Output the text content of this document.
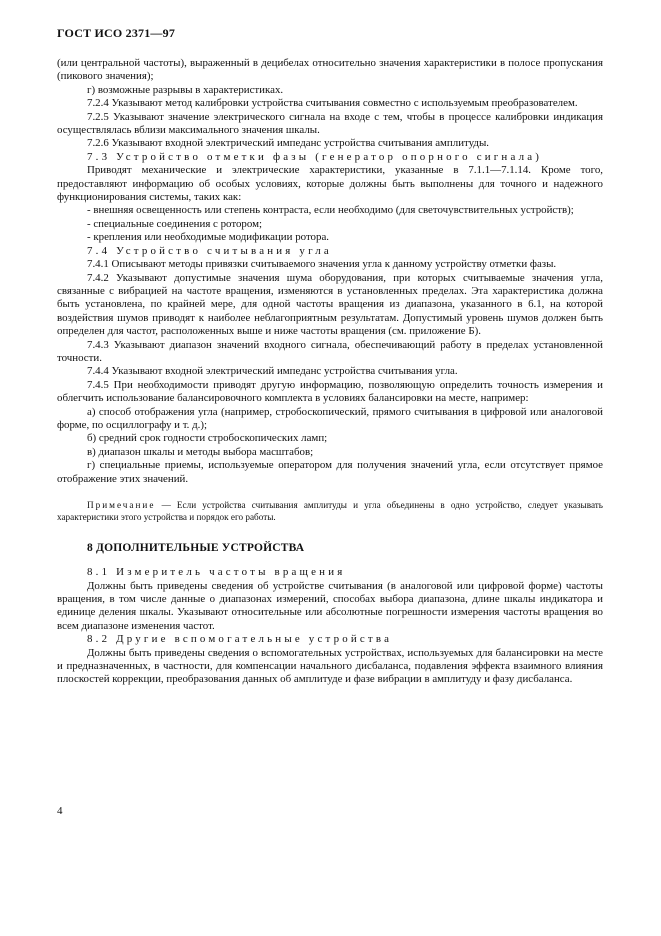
ГОСТ ИСО 2371—97

(или центральной частоты), выраженный в децибелах относительно значения характеристики в полосе пропускания (пикового значения);

г) возможные разрывы в характеристиках.

7.2.4 Указывают метод калибровки устройства считывания совместно с используемым преобразователем.

7.2.5 Указывают значение электрического сигнала на входе с тем, чтобы в процессе калибровки индикация осуществлялась вблизи максимального значения шкалы.

7.2.6 Указывают входной электрический импеданс устройства считывания амплитуды.

7.3 Устройство отметки фазы (генератор опорного сигнала)

Приводят механические и электрические характеристики, указанные в 7.1.1—7.1.14. Кроме того, предоставляют информацию об особых условиях, которые должны быть выполнены для точного и надежного функционирования системы, таких как:

- внешняя освещенность или степень контраста, если необходимо (для светочувствительных устройств);

- специальные соединения с ротором;

- крепления или необходимые модификации ротора.

7.4 Устройство считывания угла

7.4.1 Описывают методы привязки считываемого значения угла к данному устройству отметки фазы.

7.4.2 Указывают допустимые значения шума оборудования, при которых считываемые значения угла, связанные с вибрацией на частоте вращения, изменяются в установленных пределах. Эта характеристика должна быть установлена, по крайней мере, для одной частоты вращения из диапазона, указанного в 6.1, на которой воздействия шумов приводят к наиболее неблагоприятным результатам. Допустимый уровень шумов должен быть определен для частот, расположенных выше и ниже частоты вращения (см. приложение Б).

7.4.3 Указывают диапазон значений входного сигнала, обеспечивающий работу в пределах установленной точности.

7.4.4 Указывают входной электрический импеданс устройства считывания угла.

7.4.5 При необходимости приводят другую информацию, позволяющую определить точность измерения и облегчить использование балансировочного комплекта в условиях балансировки на месте, например:

а) способ отображения угла (например, стробоскопический, прямого считывания в цифровой или аналоговой форме, по осциллографу и т. д.);

б) средний срок годности стробоскопических ламп;

в) диапазон шкалы и методы выбора масштабов;

г) специальные приемы, используемые оператором для получения значений угла, если отсутствует прямое отображение этих значений.

Примечание — Если устройства считывания амплитуды и угла объединены в одно устройство, следует указывать характеристики этого устройства и порядок его работы.
8 ДОПОЛНИТЕЛЬНЫЕ УСТРОЙСТВА

8.1 Измеритель частоты вращения

Должны быть приведены сведения об устройстве считывания (в аналоговой или цифровой форме) частоты вращения, в том числе данные о диапазонах измерений, способах выбора диапазона, длине шкалы индикатора и единице деления шкалы. Указывают относительные или абсолютные погрешности измерения частоты вращения во всем диапазоне изменения частот.

8.2 Другие вспомогательные устройства

Должны быть приведены сведения о вспомогательных устройствах, используемых для балансировки на месте и предназначенных, в частности, для компенсации начального дисбаланса, подавления эффекта взаимного влияния плоскостей коррекции, преобразования данных об амплитуде и фазе вибрации в амплитуду и фазу дисбаланса.

4
